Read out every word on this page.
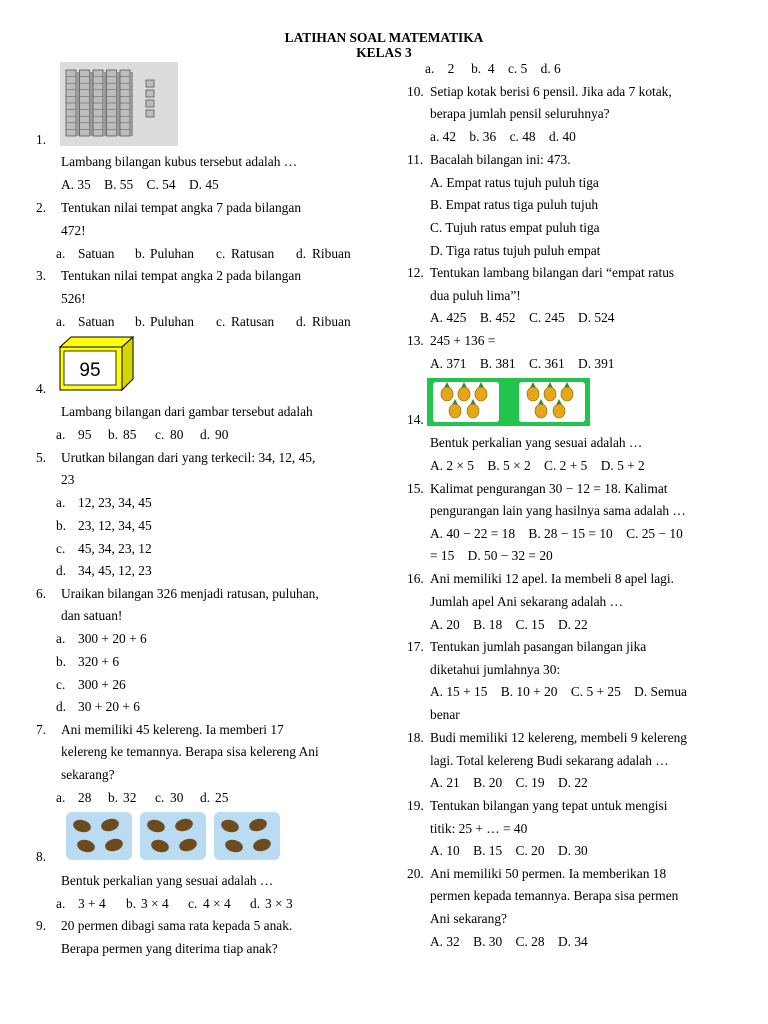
LATIHAN SOAL MATEMATIKA
KELAS 3
1.
Lambang bilangan kubus tersebut adalah …
A. 35    B. 55    C. 54    D. 45
2. Tentukan nilai tempat angka 7 pada bilangan
472!
a. Satuan b. Puluhan c. Ratusan d. Ribuan
3. Tentukan nilai tempat angka 2 pada bilangan
526!
a. Satuan b. Puluhan c. Ratusan d. Ribuan
95
4.
Lambang bilangan dari gambar tersebut adalah
a. 95 b. 85 c. 80 d. 90
5. Urutkan bilangan dari yang terkecil: 34, 12, 45,
23
a. 12, 23, 34, 45
b. 23, 12, 34, 45
c. 45, 34, 23, 12
d. 34, 45, 12, 23
6. Uraikan bilangan 326 menjadi ratusan, puluhan,
dan satuan!
a. 300 + 20 + 6
b. 320 + 6
c. 300 + 26
d. 30 + 20 + 6
7. Ani memiliki 45 kelereng. Ia memberi 17
kelereng ke temannya. Berapa sisa kelereng Ani
sekarang?
a. 28 b. 32 c. 30 d. 25
8.
Bentuk perkalian yang sesuai adalah …
a. 3 + 4 b. 3 × 4 c. 4 × 4 d. 3 × 3
9. 20 permen dibagi sama rata kepada 5 anak.
Berapa permen yang diterima tiap anak?
a.    2     b.  4    c. 5    d. 6
10. Setiap kotak berisi 6 pensil. Jika ada 7 kotak,
berapa jumlah pensil seluruhnya?
a. 42    b. 36    c. 48    d. 40
11. Bacalah bilangan ini: 473.
A. Empat ratus tujuh puluh tiga
B. Empat ratus tiga puluh tujuh
C. Tujuh ratus empat puluh tiga
D. Tiga ratus tujuh puluh empat
12. Tentukan lambang bilangan dari “empat ratus
dua puluh lima”!
A. 425    B. 452    C. 245    D. 524
13. 245 + 136 =
A. 371    B. 381    C. 361    D. 391
14.
Bentuk perkalian yang sesuai adalah …
A. 2 × 5    B. 5 × 2    C. 2 + 5    D. 5 + 2
15. Kalimat pengurangan 30 − 12 = 18. Kalimat
pengurangan lain yang hasilnya sama adalah …
A. 40 − 22 = 18    B. 28 − 15 = 10    C. 25 − 10
= 15    D. 50 − 32 = 20
16. Ani memiliki 12 apel. Ia membeli 8 apel lagi.
Jumlah apel Ani sekarang adalah …
A. 20    B. 18    C. 15    D. 22
17. Tentukan jumlah pasangan bilangan jika
diketahui jumlahnya 30:
A. 15 + 15    B. 10 + 20    C. 5 + 25    D. Semua
benar
18. Budi memiliki 12 kelereng, membeli 9 kelereng
lagi. Total kelereng Budi sekarang adalah …
A. 21    B. 20    C. 19    D. 22
19. Tentukan bilangan yang tepat untuk mengisi
titik: 25 + … = 40
A. 10    B. 15    C. 20    D. 30
20. Ani memiliki 50 permen. Ia memberikan 18
permen kepada temannya. Berapa sisa permen
Ani sekarang?
A. 32    B. 30    C. 28    D. 34
